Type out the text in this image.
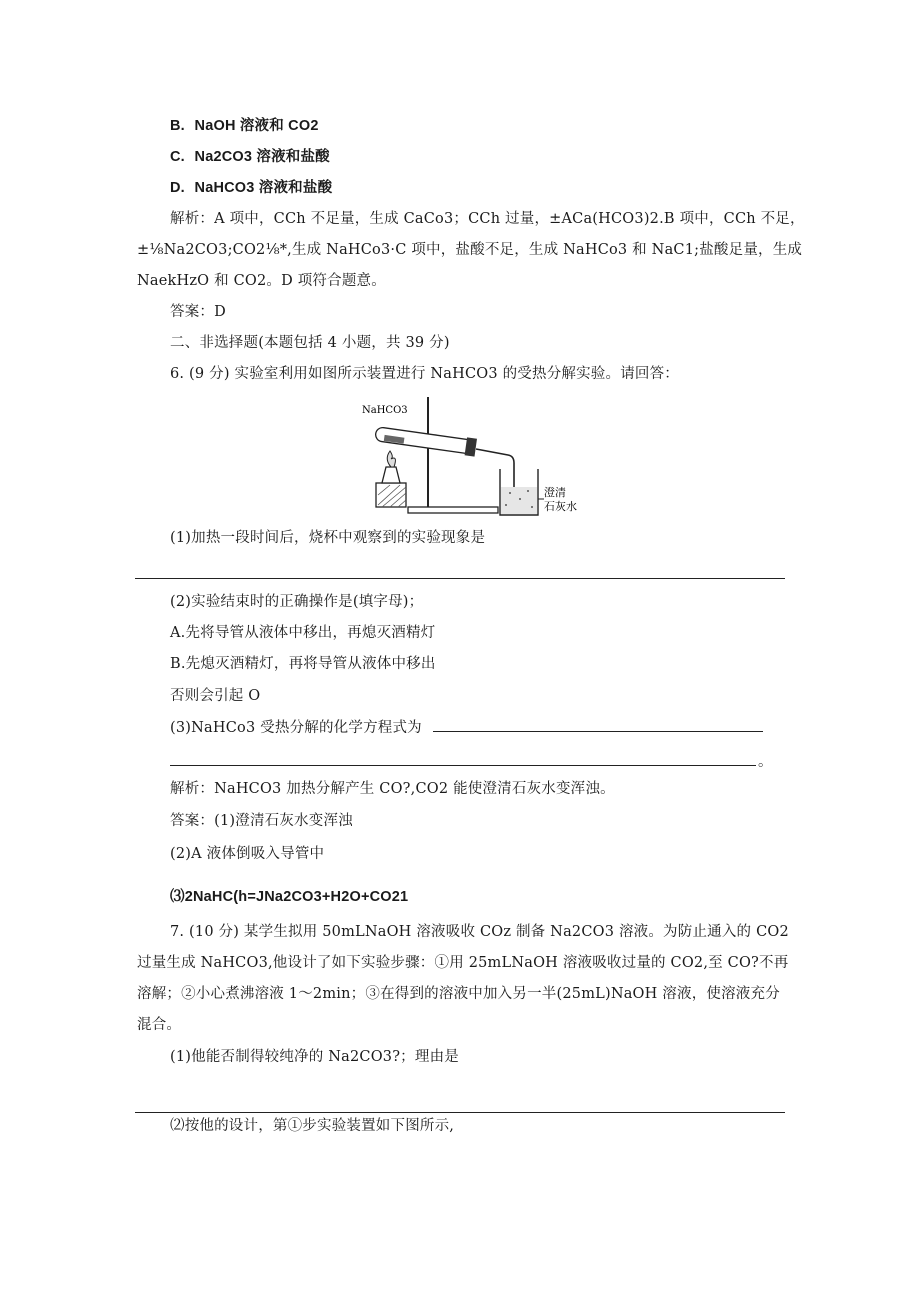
B. NaOH 溶液和 CO2
C. Na2CO3 溶液和盐酸
D. NaHCO3 溶液和盐酸
解析：A 项中，CCh 不足量，生成 CaCo3；CCh 过量，±ACa(HCO3)2.B 项中，CCh 不足，
±⅛Na2CO3;CO2⅛*,生成 NaHCo3·C 项中，盐酸不足，生成 NaHCo3 和 NaC1;盐酸足量，生成
NaekHzO 和 CO2。D 项符合题意。
答案：D
二、非选择题(本题包括 4 小题，共 39 分)
6. (9 分) 实验室利用如图所示装置进行 NaHCO3 的受热分解实验。请回答：
NaHCO3
澄清
石灰水
(1)加热一段时间后，烧杯中观察到的实验现象是
(2)实验结束时的正确操作是(填字母)；
A.先将导管从液体中移出，再熄灭酒精灯
B.先熄灭酒精灯，再将导管从液体中移出
否则会引起 O
(3)NaHCo3 受热分解的化学方程式为
。
解析：NaHCO3 加热分解产生 CO?,CO2 能使澄清石灰水变浑浊。
答案：(1)澄清石灰水变浑浊
(2)A 液体倒吸入导管中
⑶2NaHC(h=JNa2CO3+H2O+CO21
7. (10 分) 某学生拟用 50mLNaOH 溶液吸收 COz 制备 Na2CO3 溶液。为防止通入的 CO2
过量生成 NaHCO3,他设计了如下实验步骤：①用 25mLNaOH 溶液吸收过量的 CO2,至 CO?不再
溶解；②小心煮沸溶液 1～2min；③在得到的溶液中加入另一半(25mL)NaOH 溶液，使溶液充分
混合。
(1)他能否制得较纯净的 Na2CO3?；理由是
⑵按他的设计，第①步实验装置如下图所示,
